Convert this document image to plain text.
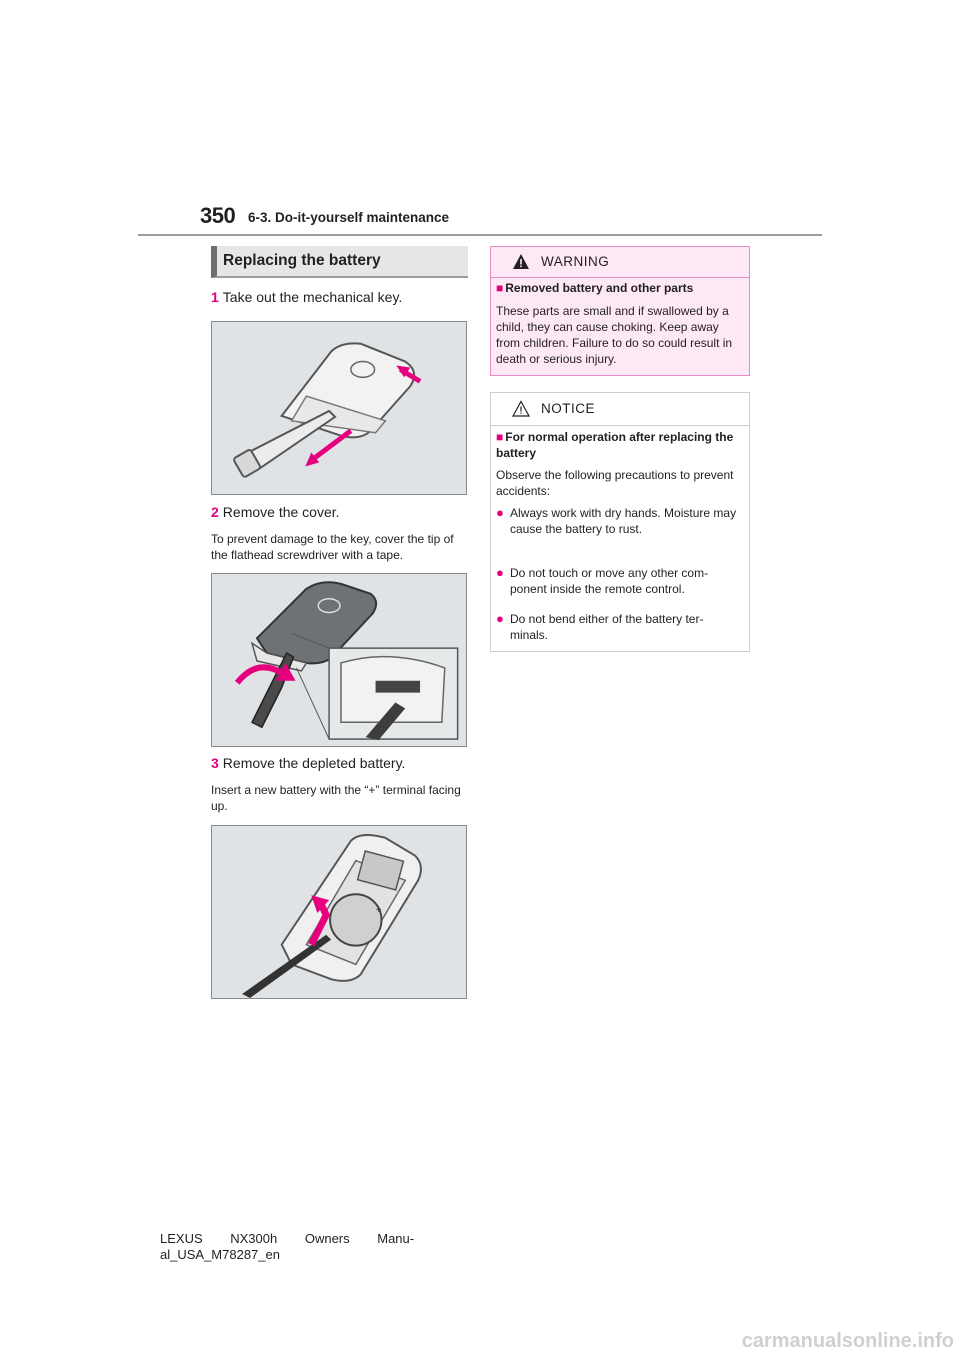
350 6-3. Do-it-yourself maintenance
Replacing the battery
1 Take out the mechanical key.
2 Remove the cover.
To prevent damage to the key, cover the tip of the flathead screwdriver with a tape.
3 Remove the depleted battery.
Insert a new battery with the “+” terminal facing up.
+
WARNING
■ Removed battery and other parts
These parts are small and if swallowed by a child, they can cause choking. Keep away from children. Failure to do so could result in death or serious injury.
NOTICE
■ For normal operation after replacing the battery
Observe the following precautions to prevent accidents:
● Always work with dry hands. Moisture may cause the battery to rust.
● Do not touch or move any other com- ponent inside the remote control.
● Do not bend either of the battery ter- minals.
LEXUS NX300h Owners Manu-
al_USA_M78287_en
carmanualsonline.info
